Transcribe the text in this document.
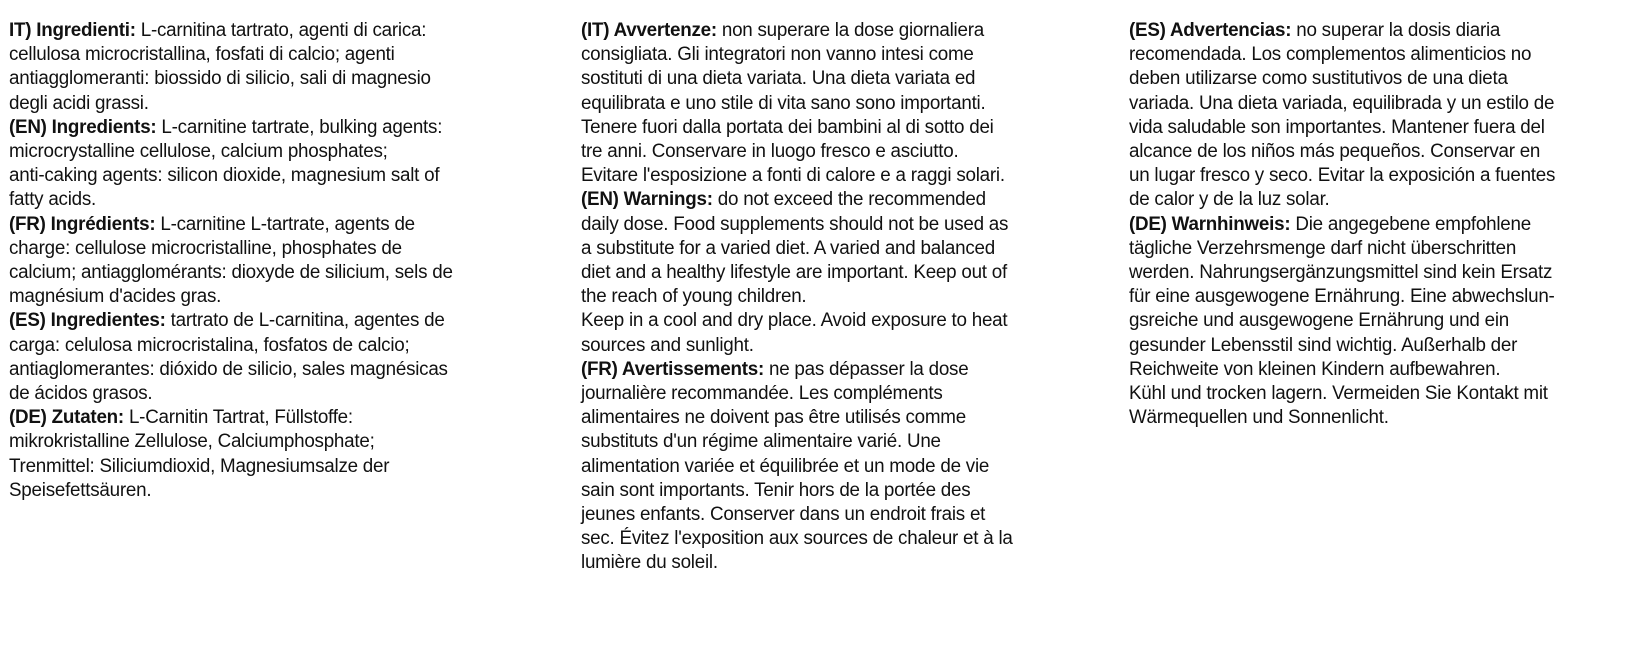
IT) Ingredienti: L-carnitina tartrato, agenti di carica:

cellulosa microcristallina, fosfati di calcio; agenti

antiagglomeranti: biossido di silicio, sali di magnesio

degli acidi grassi.

(EN) Ingredients: L-carnitine tartrate, bulking agents:

microcrystalline cellulose, calcium phosphates;

anti-caking agents: silicon dioxide, magnesium salt of

fatty acids.

(FR) Ingrédients: L-carnitine L-tartrate, agents de

charge: cellulose microcristalline, phosphates de

calcium; antiagglomérants: dioxyde de silicium, sels de

magnésium d'acides gras.

(ES) Ingredientes: tartrato de L-carnitina, agentes de

carga: celulosa microcristalina, fosfatos de calcio;

antiaglomerantes: dióxido de silicio, sales magnésicas

de ácidos grasos.

(DE) Zutaten: L-Carnitin Tartrat, Füllstoffe:

mikrokristalline Zellulose, Calciumphosphate;

Trenmittel: Siliciumdioxid, Magnesiumsalze der

Speisefettsäuren.

(IT) Avvertenze: non superare la dose giornaliera

consigliata. Gli integratori non vanno intesi come

sostituti di una dieta variata. Una dieta variata ed

equilibrata e uno stile di vita sano sono importanti.

Tenere fuori dalla portata dei bambini al di sotto dei

tre anni. Conservare in luogo fresco e asciutto.

Evitare l'esposizione a fonti di calore e a raggi solari.

(EN) Warnings: do not exceed the recommended

daily dose. Food supplements should not be used as

a substitute for a varied diet. A varied and balanced

diet and a healthy lifestyle are important. Keep out of

the reach of young children.

Keep in a cool and dry place. Avoid exposure to heat

sources and sunlight.

(FR) Avertissements: ne pas dépasser la dose

journalière recommandée. Les compléments

alimentaires ne doivent pas être utilisés comme

substituts d'un régime alimentaire varié. Une

alimentation variée et équilibrée et un mode de vie

sain sont importants. Tenir hors de la portée des

jeunes enfants. Conserver dans un endroit frais et

sec. Évitez l'exposition aux sources de chaleur et à la

lumière du soleil.

(ES) Advertencias: no superar la dosis diaria

recomendada. Los complementos alimenticios no

deben utilizarse como sustitutivos de una dieta

variada. Una dieta variada, equilibrada y un estilo de

vida saludable son importantes. Mantener fuera del

alcance de los niños más pequeños. Conservar en

un lugar fresco y seco. Evitar la exposición a fuentes

de calor y de la luz solar.

(DE) Warnhinweis: Die angegebene empfohlene

tägliche Verzehrsmenge darf nicht überschritten

werden. Nahrungsergänzungsmittel sind kein Ersatz

für eine ausgewogene Ernährung. Eine abwechslun-

gsreiche und ausgewogene Ernährung und ein

gesunder Lebensstil sind wichtig. Außerhalb der

Reichweite von kleinen Kindern aufbewahren.

Kühl und trocken lagern. Vermeiden Sie Kontakt mit

Wärmequellen und Sonnenlicht.
